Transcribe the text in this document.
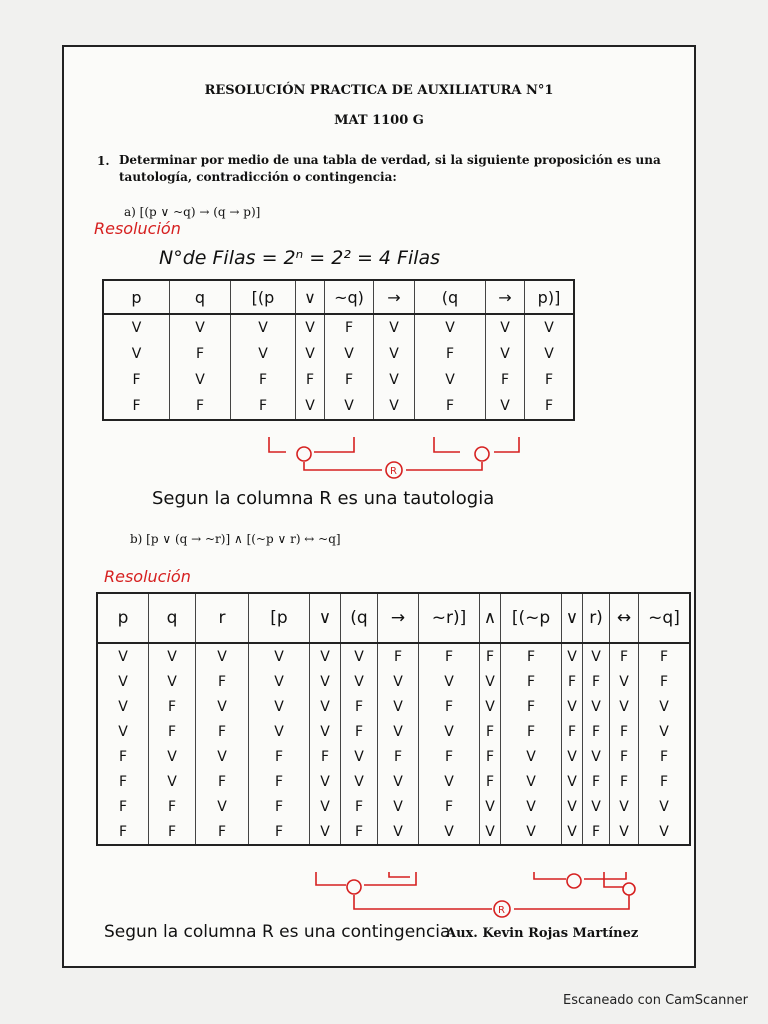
RESOLUCIÓN PRACTICA DE AUXILIATURA N°1
MAT 1100 G
1. Determinar por medio de una tabla de verdad, si la siguiente proposición es una tautología, contradicción o contingencia:
a) [(p ∨ ~q) → (q → p)]
Resolución
N°de Filas = 2ⁿ = 2² = 4 Filas
p	q	[(p	∨	~q)	→	(q	→	p)]
V	V	V	V	F	V	V	V	V
V	F	V	V	V	V	F	V	V
F	V	F	F	F	V	V	F	F
F	F	F	V	V	V	F	V	F
R
Segun la columna R es una tautologia
b) [p ∨ (q → ~r)] ∧ [(~p ∨ r) ↔ ~q]
Resolución
p	q	r	[p	∨	(q	→	~r)]	∧	[(~p	∨	r)	↔	~q]
V	V	V	V	V	V	F	F	F	F	V	V	F	F
V	V	F	V	V	V	V	V	V	F	F	F	V	F
V	F	V	V	V	F	V	F	V	F	V	V	V	V
V	F	F	V	V	F	V	V	F	F	F	F	F	V
F	V	V	F	F	V	F	F	F	V	V	V	F	F
F	V	F	F	V	V	V	V	F	V	V	F	F	F
F	F	V	F	V	F	V	F	V	V	V	V	V	V
F	F	F	F	V	F	V	V	V	V	V	F	V	V
R
Segun la columna R es una contingencia
Aux. Kevin Rojas Martínez
Escaneado con CamScanner
